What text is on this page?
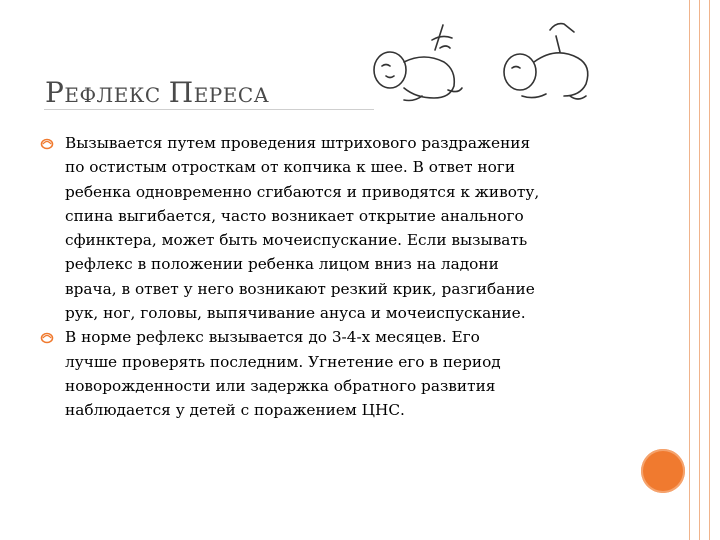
РЕФЛЕКС ПЕРЕСА
Вызывается путем проведения штрихового раздражения
по остистым отросткам от копчика к шее. В ответ ноги
ребенка одновременно сгибаются и приводятся к животу,
спина выгибается, часто возникает открытие анального
сфинктера, может быть мочеиспускание. Если вызывать
рефлекс в положении ребенка лицом вниз на ладони
врача, в ответ у него возникают резкий крик, разгибание
рук, ног, головы, выпячивание ануса и мочеиспускание.
В норме рефлекс вызывается до 3-4-х месяцев. Его
лучше проверять последним. Угнетение его в период
новорожденности или задержка обратного развития
наблюдается у детей с поражением ЦНС.
